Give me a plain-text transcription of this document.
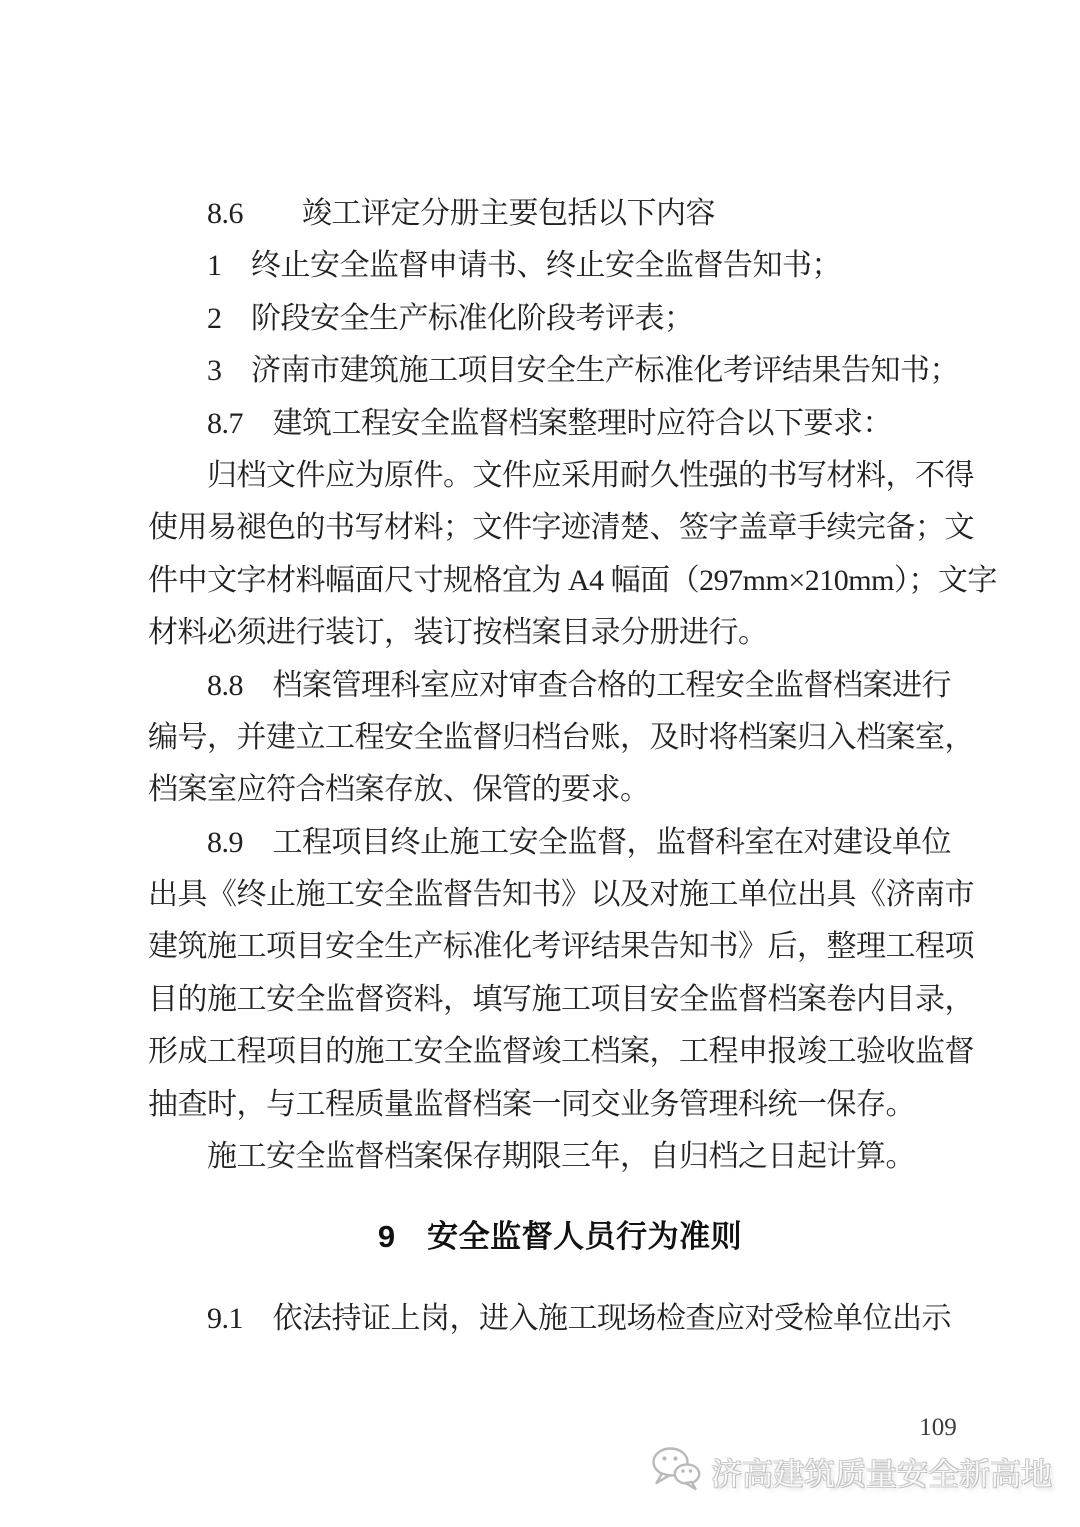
　　8.6　　竣工评定分册主要包括以下内容
　　1　终止安全监督申请书、终止安全监督告知书；
　　2　阶段安全生产标准化阶段考评表；
　　3　济南市建筑施工项目安全生产标准化考评结果告知书；
　　8.7　建筑工程安全监督档案整理时应符合以下要求：
　　归档文件应为原件。文件应采用耐久性强的书写材料，不得
使用易褪色的书写材料；文件字迹清楚、签字盖章手续完备；文
件中文字材料幅面尺寸规格宜为 A4 幅面（297mm×210mm）；文字
材料必须进行装订，装订按档案目录分册进行。
　　8.8　档案管理科室应对审查合格的工程安全监督档案进行
编号，并建立工程安全监督归档台账，及时将档案归入档案室，
档案室应符合档案存放、保管的要求。
　　8.9　工程项目终止施工安全监督，监督科室在对建设单位
出具《终止施工安全监督告知书》以及对施工单位出具《济南市
建筑施工项目安全生产标准化考评结果告知书》后，整理工程项
目的施工安全监督资料，填写施工项目安全监督档案卷内目录，
形成工程项目的施工安全监督竣工档案，工程申报竣工验收监督
抽查时，与工程质量监督档案一同交业务管理科统一保存。
　　施工安全监督档案保存期限三年，自归档之日起计算。
9　安全监督人员行为准则
　　9.1　依法持证上岗，进入施工现场检查应对受检单位出示
109
济高建筑质量安全新高地
